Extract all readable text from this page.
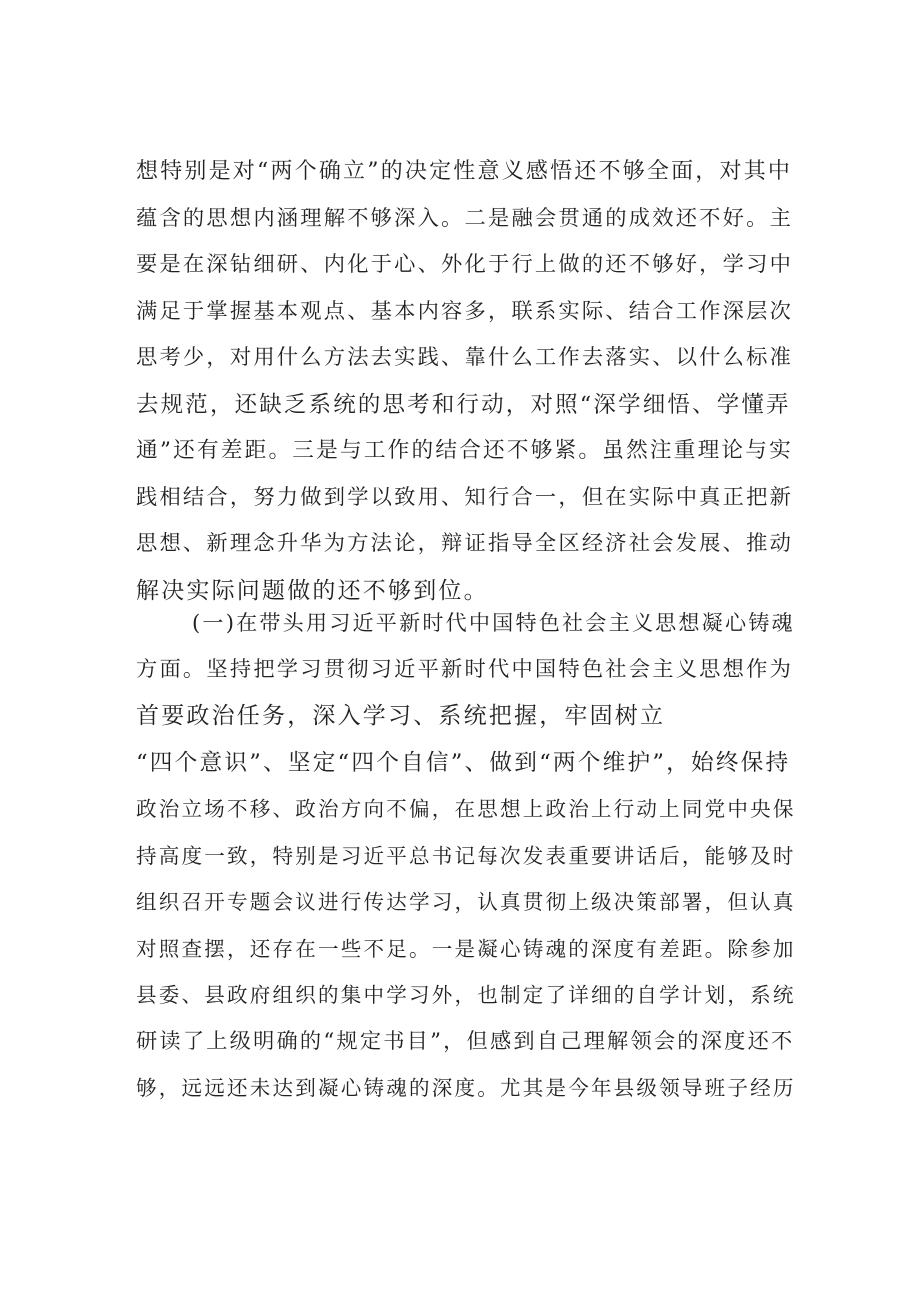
想特别是对“两个确立”的决定性意义感悟还不够全面，对其中
蕴含的思想内涵理解不够深入。二是融会贯通的成效还不好。主
要是在深钻细研、内化于心、外化于行上做的还不够好，学习中
满足于掌握基本观点、基本内容多，联系实际、结合工作深层次
思考少，对用什么方法去实践、靠什么工作去落实、以什么标准
去规范，还缺乏系统的思考和行动，对照“深学细悟、学懂弄
通”还有差距。三是与工作的结合还不够紧。虽然注重理论与实
践相结合，努力做到学以致用、知行合一，但在实际中真正把新
思想、新理念升华为方法论，辩证指导全区经济社会发展、推动
解决实际问题做的还不够到位。
(一)在带头用习近平新时代中国特色社会主义思想凝心铸魂
方面。坚持把学习贯彻习近平新时代中国特色社会主义思想作为
首要政治任务，深入学习、系统把握，牢固树立
“四个意识”、坚定“四个自信”、做到“两个维护”，始终保持
政治立场不移、政治方向不偏，在思想上政治上行动上同党中央保
持高度一致，特别是习近平总书记每次发表重要讲话后，能够及时
组织召开专题会议进行传达学习，认真贯彻上级决策部署，但认真
对照查摆，还存在一些不足。一是凝心铸魂的深度有差距。除参加
县委、县政府组织的集中学习外，也制定了详细的自学计划，系统
研读了上级明确的“规定书目”，但感到自己理解领会的深度还不
够，远远还未达到凝心铸魂的深度。尤其是今年县级领导班子经历
